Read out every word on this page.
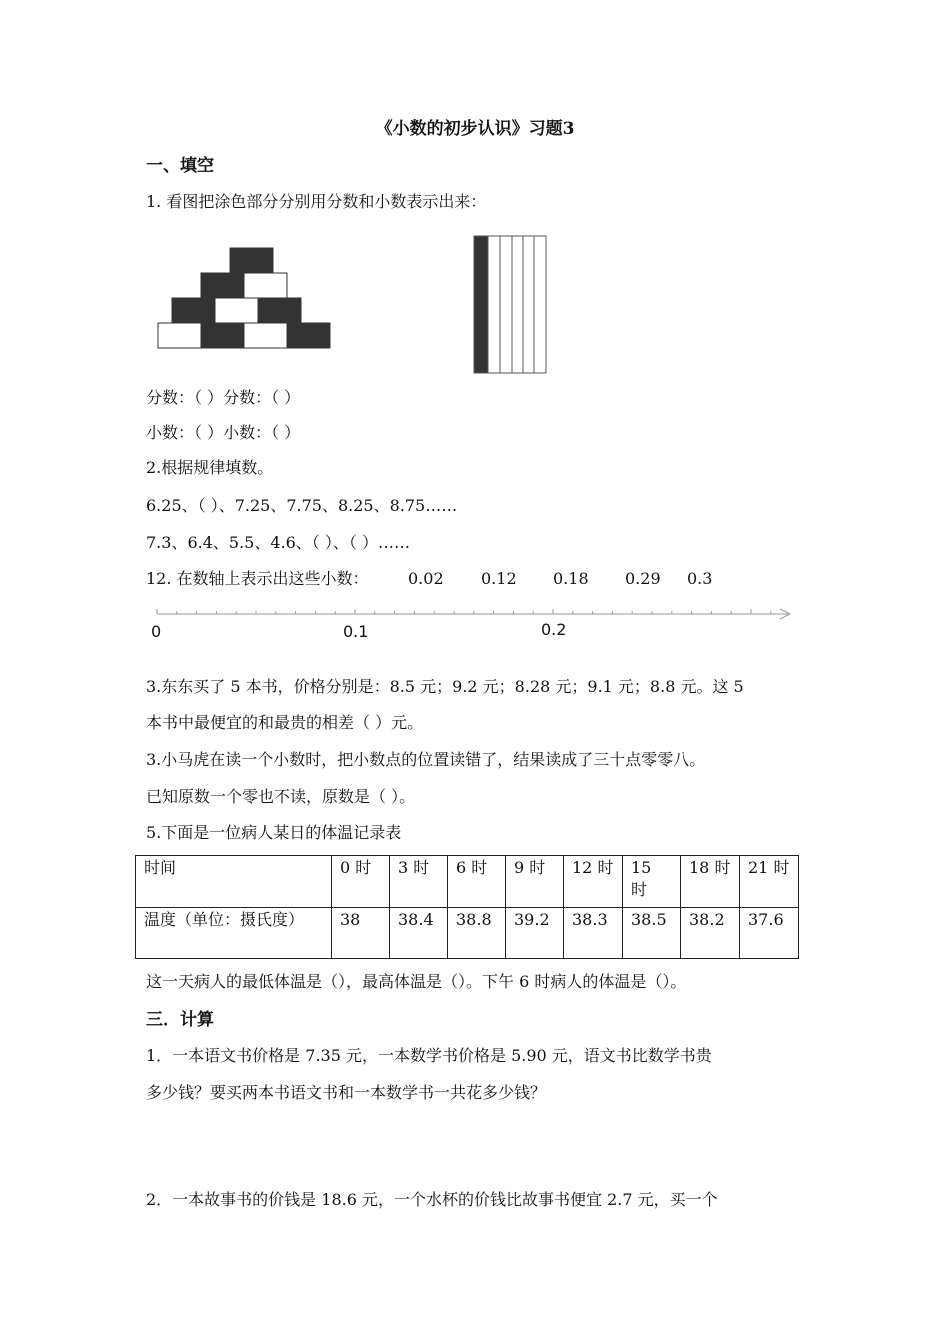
《小数的初步认识》习题3
一、填空
1. 看图把涂色部分分别用分数和小数表示出来：
分数：（ ）分数：（ ）
小数：（ ）小数：（ ）
2.根据规律填数。
6.25、（ ）、7.25、7.75、8.25、8.75……
7.3、6.4、5.5、4.6、（ ）、（ ）……
12. 在数轴上表示出这些小数： 0.02 0.12 0.18 0.29 0.3
0	0.1	0.2
3.东东买了 5 本书，价格分别是：8.5 元；9.2 元；8.28 元；9.1 元；8.8 元。这 5
本书中最便宜的和最贵的相差（ ）元。
3.小马虎在读一个小数时，把小数点的位置读错了，结果读成了三十点零零八。
已知原数一个零也不读，原数是（ ）。
5.下面是一位病人某日的体温记录表
时间	0 时	3 时	6 时	9 时	12 时	15 时	18 时	21 时
温度（单位：摄氏度）	38	38.4	38.8	39.2	38.3	38.5	38.2	37.6
这一天病人的最低体温是（），最高体温是（）。下午 6 时病人的体温是（）。
三．计算
1．一本语文书价格是 7.35 元，一本数学书价格是 5.90 元，语文书比数学书贵
多少钱？要买两本书语文书和一本数学书一共花多少钱？
2．一本故事书的价钱是 18.6 元，一个水杯的价钱比故事书便宜 2.7 元，买一个
